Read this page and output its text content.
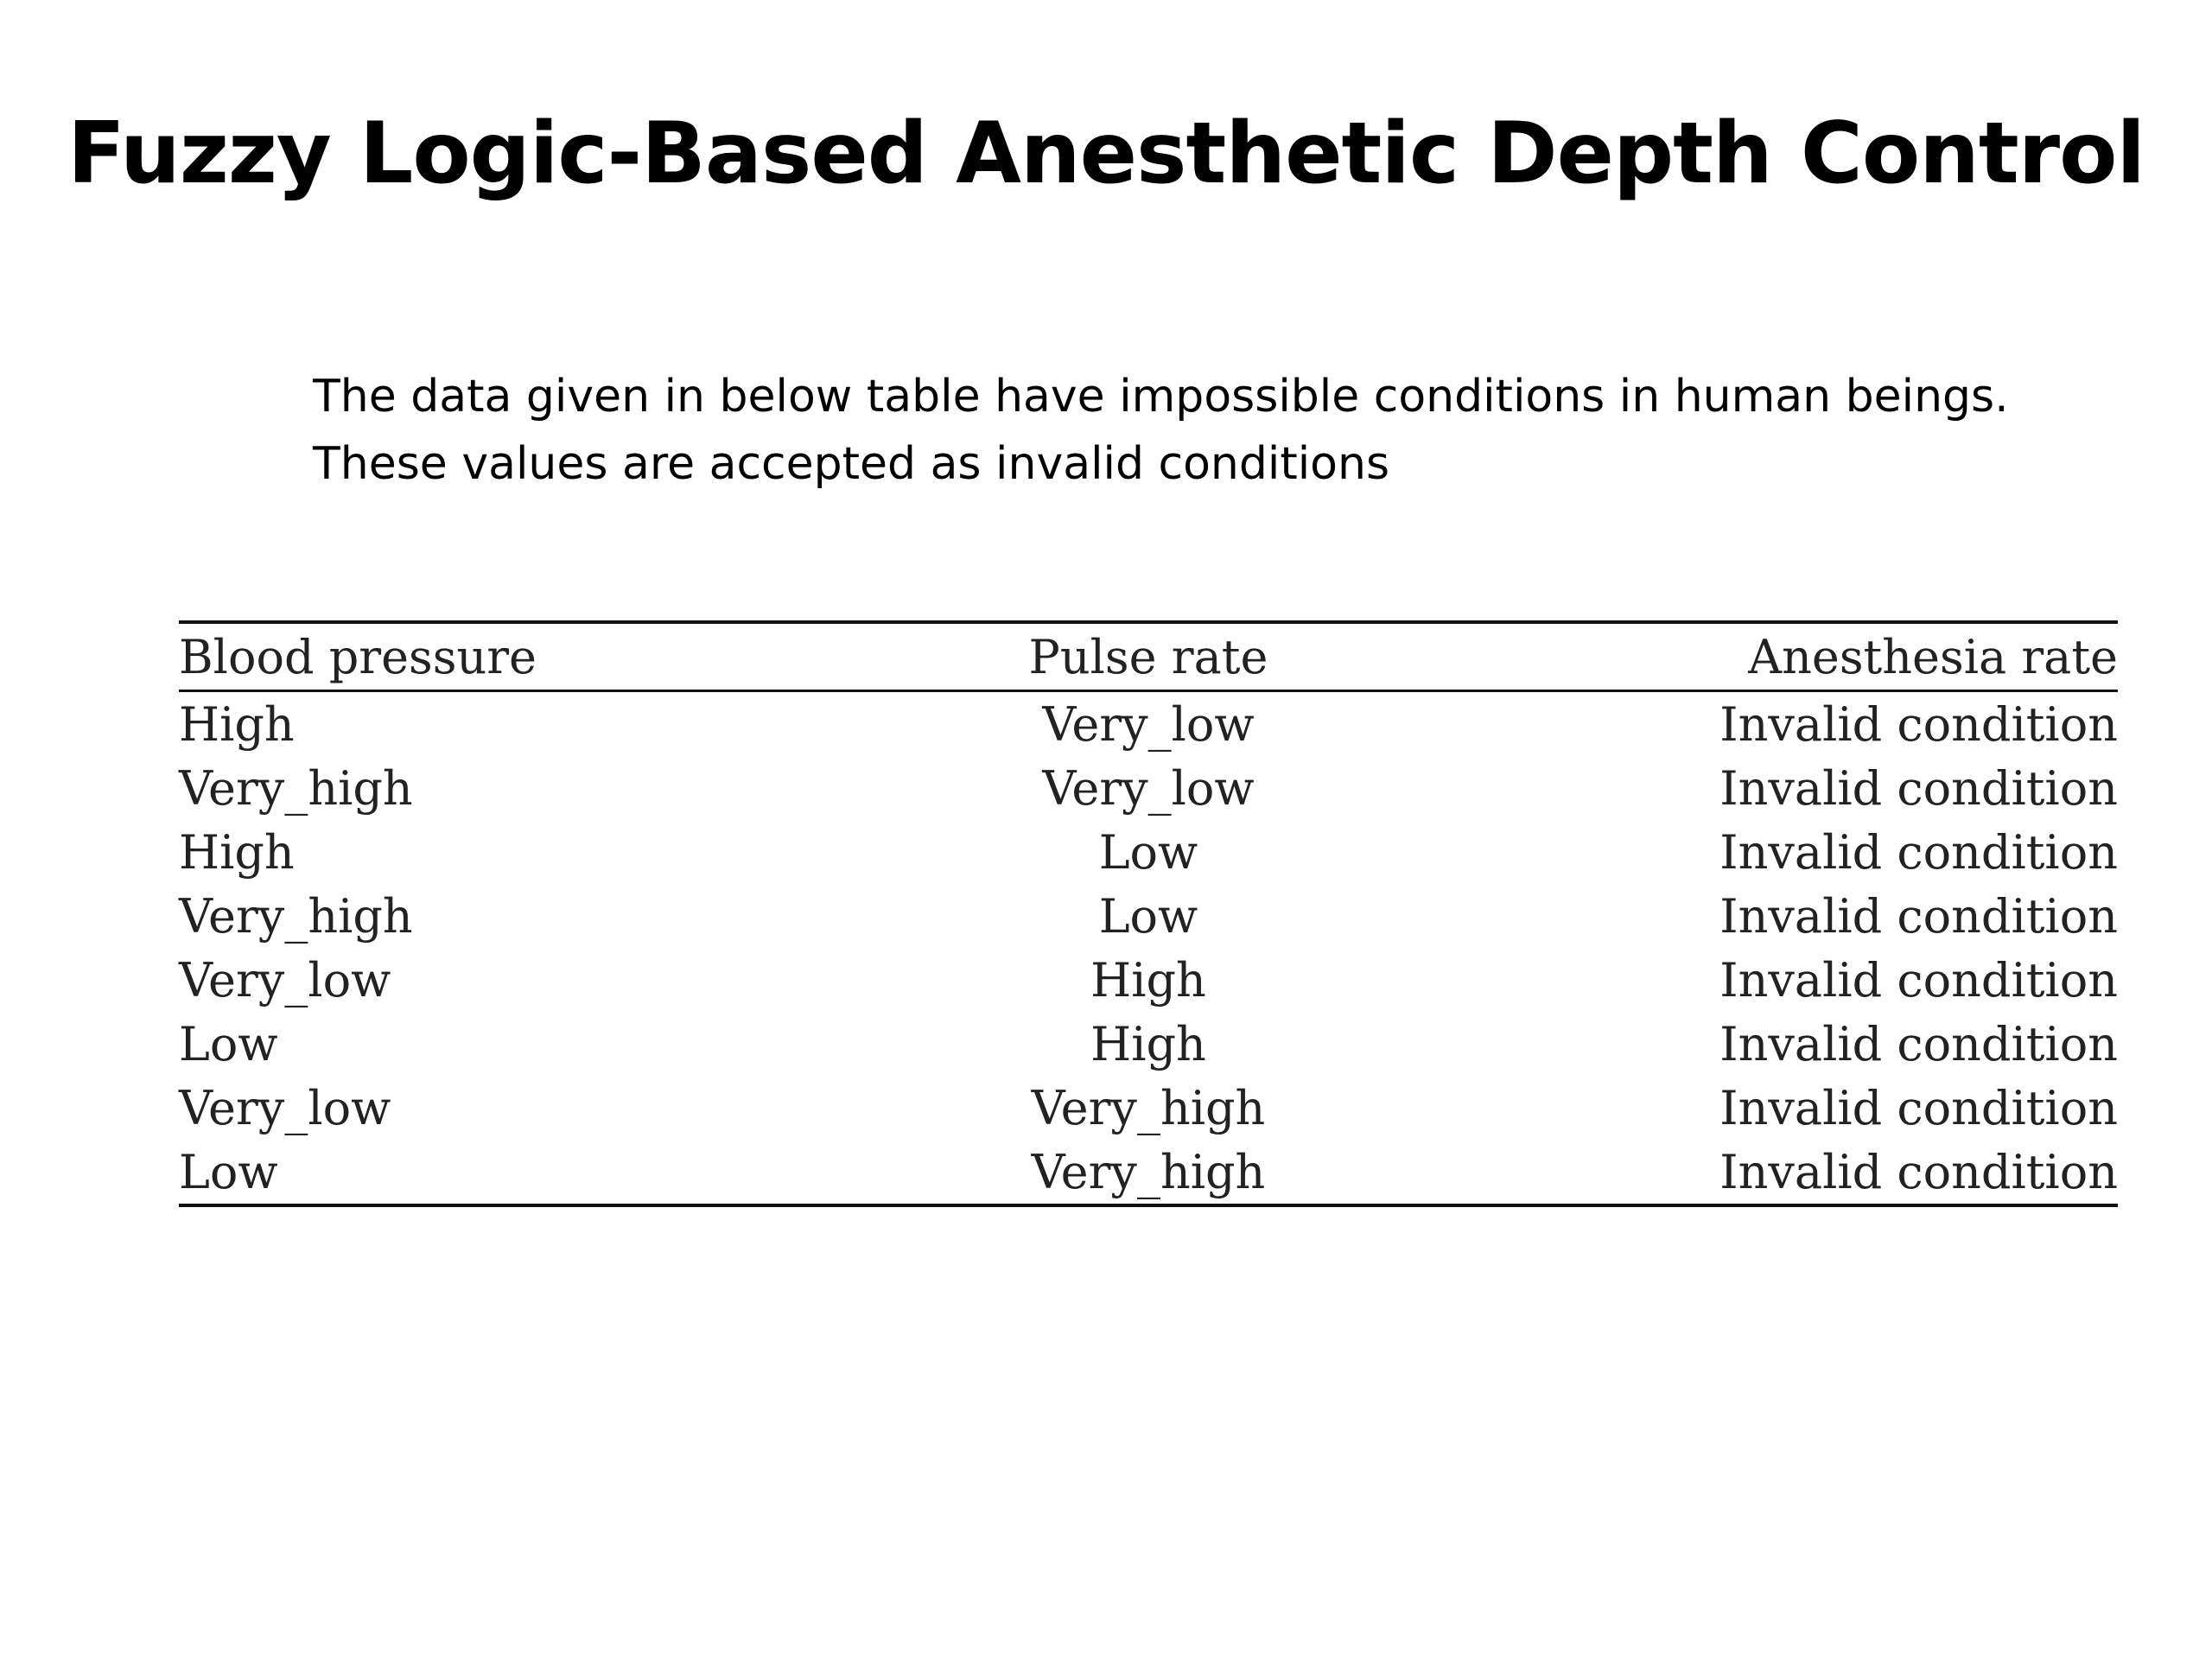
Fuzzy Logic-Based Anesthetic Depth Control

The data given in below table have impossible conditions in human beings.

These values are accepted as invalid conditions

Blood pressure	Pulse rate	Anesthesia rate
High	Very_low	Invalid condition
Very_high	Very_low	Invalid condition
High	Low	Invalid condition
Very_high	Low	Invalid condition
Very_low	High	Invalid condition
Low	High	Invalid condition
Very_low	Very_high	Invalid condition
Low	Very_high	Invalid condition
